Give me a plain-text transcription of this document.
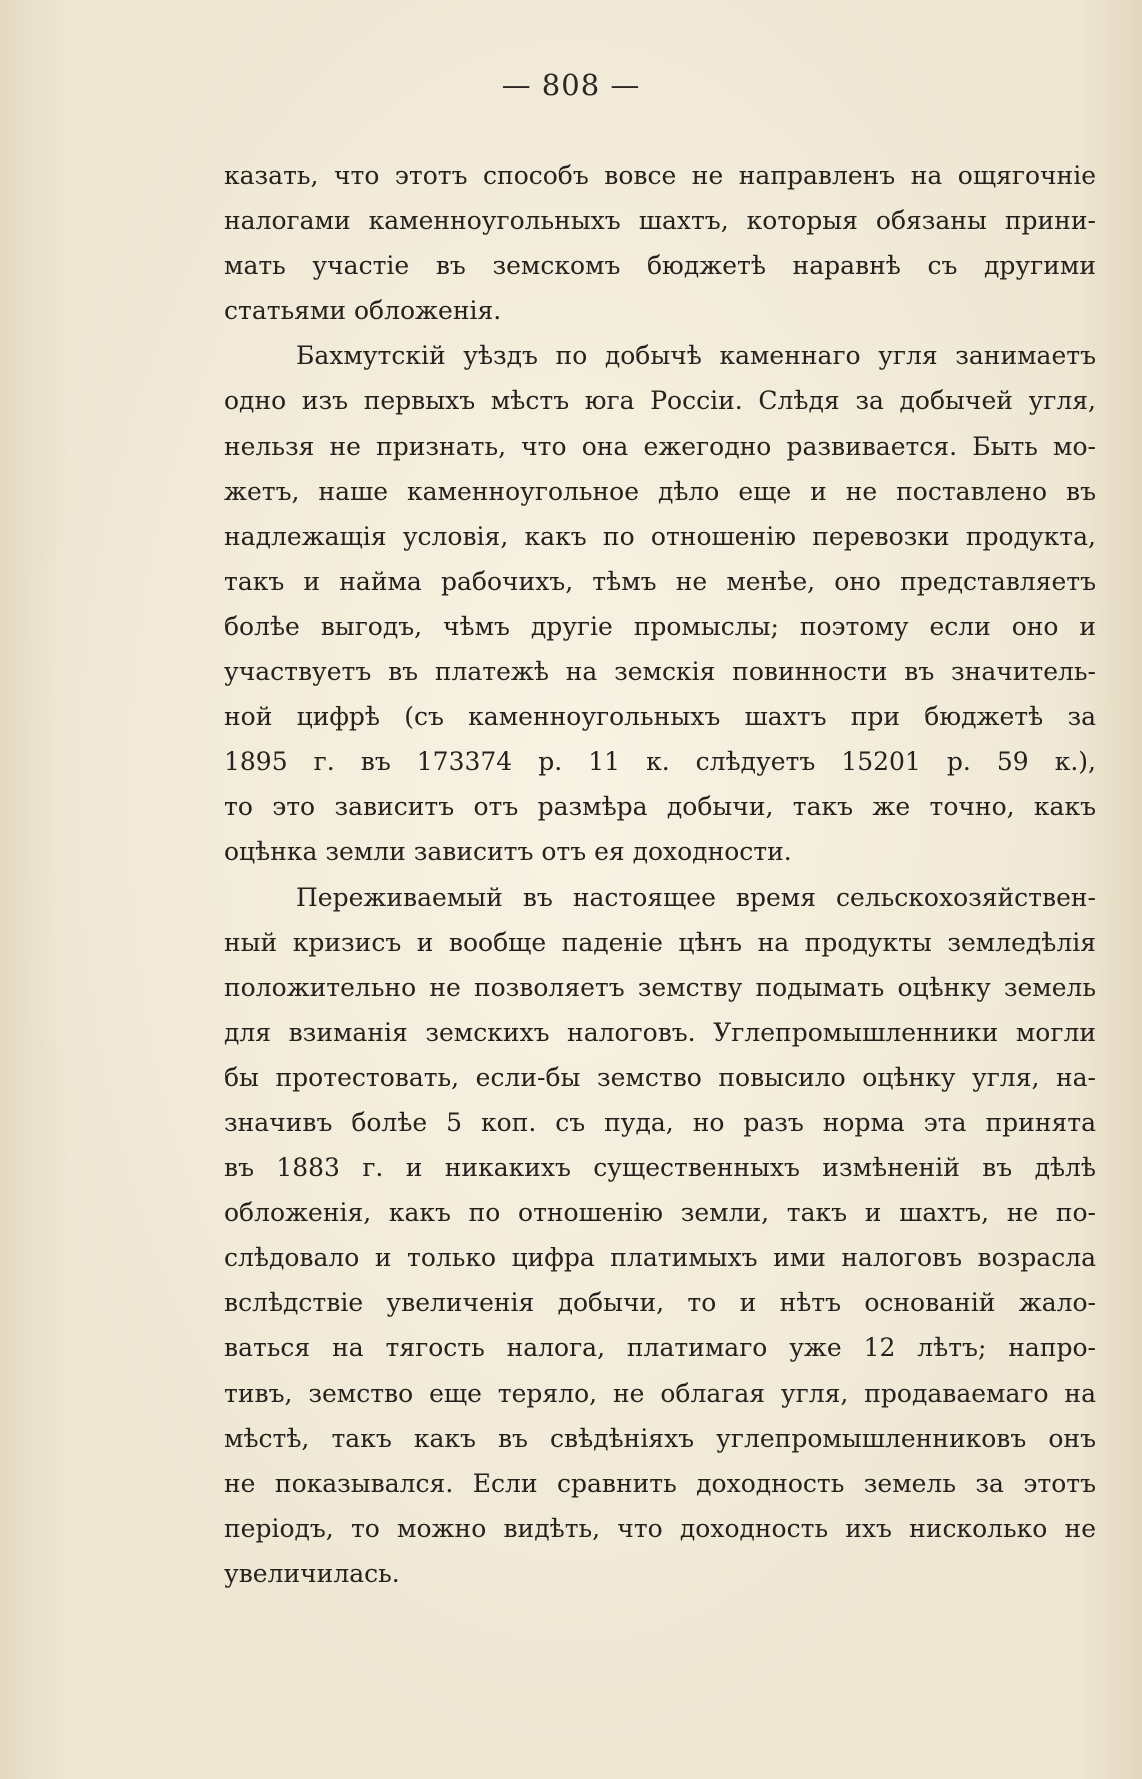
— 808 —
казать, что этотъ способъ вовсе не направленъ на ощягочніе
налогами каменноугольныхъ шахтъ, которыя обязаны прини-
мать участіе въ земскомъ бюджетѣ наравнѣ съ другими
статьями обложенія.
Бахмутскій уѣздъ по добычѣ каменнаго угля занимаетъ
одно изъ первыхъ мѣстъ юга Россіи. Слѣдя за добычей угля,
нельзя не признать, что она ежегодно развивается. Быть мо-
жетъ, наше каменноугольное дѣло еще и не поставлено въ
надлежащія условія, какъ по отношенію перевозки продукта,
такъ и найма рабочихъ, тѣмъ не менѣе, оно представляетъ
болѣе выгодъ, чѣмъ другіе промыслы; поэтому если оно и
участвуетъ въ платежѣ на земскія повинности въ значитель-
ной цифрѣ (съ каменноугольныхъ шахтъ при бюджетѣ за
1895 г. въ 173374 р. 11 к. слѣдуетъ 15201 р. 59 к.),
то это зависитъ отъ размѣра добычи, такъ же точно, какъ
оцѣнка земли зависитъ отъ ея доходности.
Переживаемый въ настоящее время сельскохозяйствен-
ный кризисъ и вообще паденіе цѣнъ на продукты земледѣлія
положительно не позволяетъ земству подымать оцѣнку земель
для взиманія земскихъ налоговъ. Углепромышленники могли
бы протестовать, если-бы земство повысило оцѣнку угля, на-
значивъ болѣе 5 коп. съ пуда, но разъ норма эта принята
въ 1883 г. и никакихъ существенныхъ измѣненій въ дѣлѣ
обложенія, какъ по отношенію земли, такъ и шахтъ, не по-
слѣдовало и только цифра платимыхъ ими налоговъ возрасла
вслѣдствіе увеличенія добычи, то и нѣтъ основаній жало-
ваться на тягость налога, платимаго уже 12 лѣтъ; напро-
тивъ, земство еще теряло, не облагая угля, продаваемаго на
мѣстѣ, такъ какъ въ свѣдѣніяхъ углепромышленниковъ онъ
не показывался. Если сравнить доходность земель за этотъ
періодъ, то можно видѣть, что доходность ихъ нисколько не
увеличилась.
